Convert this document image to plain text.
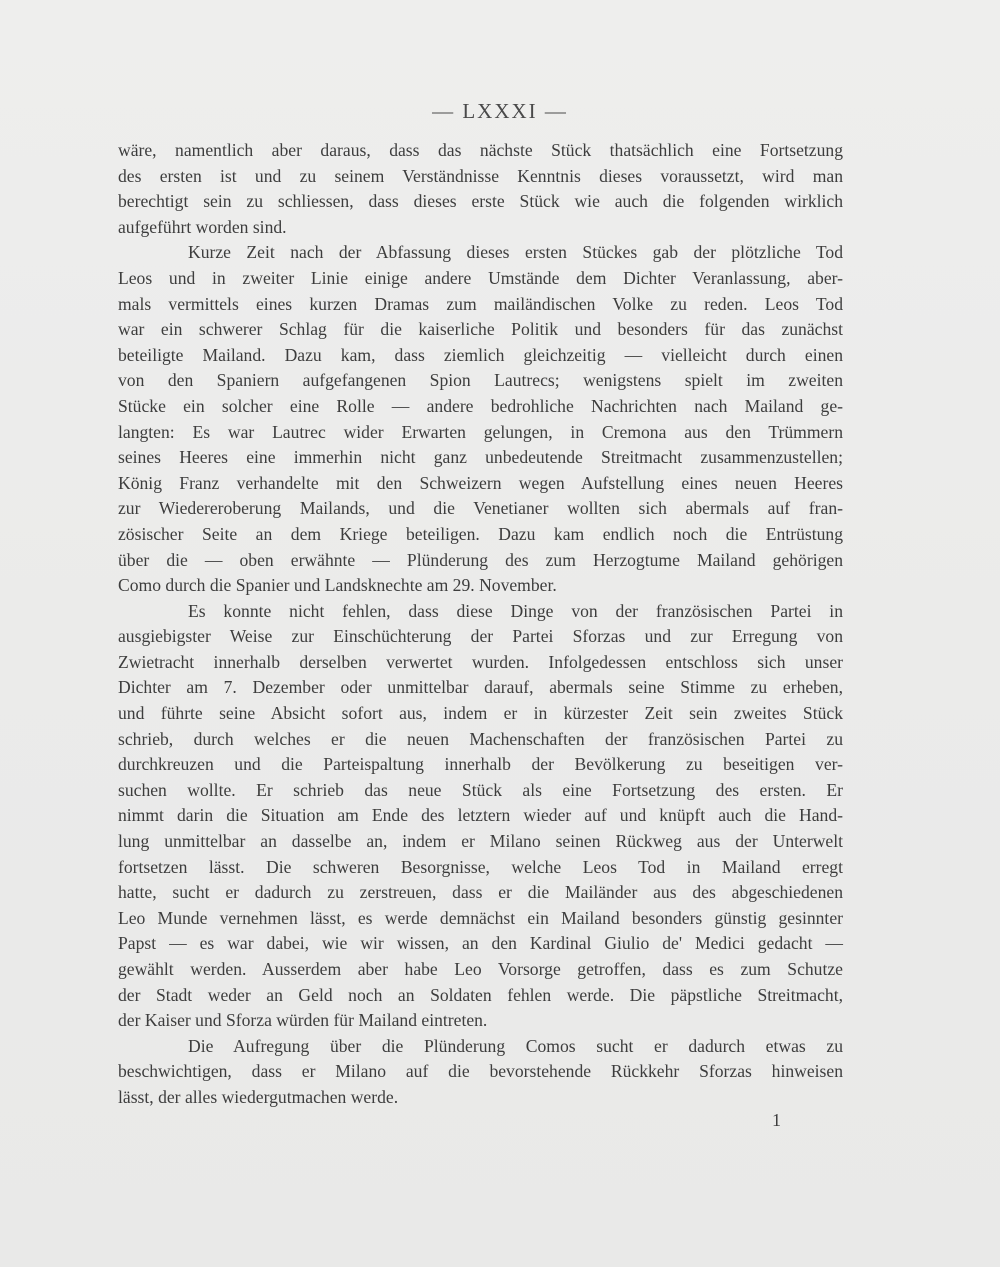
— LXXXI —
wäre, namentlich aber daraus, dass das nächste Stück thatsächlich eine Fortsetzung
des ersten ist und zu seinem Verständnisse Kenntnis dieses voraussetzt, wird man
berechtigt sein zu schliessen, dass dieses erste Stück wie auch die folgenden wirklich
aufgeführt worden sind.
Kurze Zeit nach der Abfassung dieses ersten Stückes gab der plötzliche Tod
Leos und in zweiter Linie einige andere Umstände dem Dichter Veranlassung, aber-
mals vermittels eines kurzen Dramas zum mailändischen Volke zu reden. Leos Tod
war ein schwerer Schlag für die kaiserliche Politik und besonders für das zunächst
beteiligte Mailand. Dazu kam, dass ziemlich gleichzeitig — vielleicht durch einen
von den Spaniern aufgefangenen Spion Lautrecs; wenigstens spielt im zweiten
Stücke ein solcher eine Rolle — andere bedrohliche Nachrichten nach Mailand ge-
langten: Es war Lautrec wider Erwarten gelungen, in Cremona aus den Trümmern
seines Heeres eine immerhin nicht ganz unbedeutende Streitmacht zusammenzustellen;
König Franz verhandelte mit den Schweizern wegen Aufstellung eines neuen Heeres
zur Wiedereroberung Mailands, und die Venetianer wollten sich abermals auf fran-
zösischer Seite an dem Kriege beteiligen. Dazu kam endlich noch die Entrüstung
über die — oben erwähnte — Plünderung des zum Herzogtume Mailand gehörigen
Como durch die Spanier und Landsknechte am 29. November.
Es konnte nicht fehlen, dass diese Dinge von der französischen Partei in
ausgiebigster Weise zur Einschüchterung der Partei Sforzas und zur Erregung von
Zwietracht innerhalb derselben verwertet wurden. Infolgedessen entschloss sich unser
Dichter am 7. Dezember oder unmittelbar darauf, abermals seine Stimme zu erheben,
und führte seine Absicht sofort aus, indem er in kürzester Zeit sein zweites Stück
schrieb, durch welches er die neuen Machenschaften der französischen Partei zu
durchkreuzen und die Parteispaltung innerhalb der Bevölkerung zu beseitigen ver-
suchen wollte. Er schrieb das neue Stück als eine Fortsetzung des ersten. Er
nimmt darin die Situation am Ende des letztern wieder auf und knüpft auch die Hand-
lung unmittelbar an dasselbe an, indem er Milano seinen Rückweg aus der Unterwelt
fortsetzen lässt. Die schweren Besorgnisse, welche Leos Tod in Mailand erregt
hatte, sucht er dadurch zu zerstreuen, dass er die Mailänder aus des abgeschiedenen
Leo Munde vernehmen lässt, es werde demnächst ein Mailand besonders günstig gesinnter
Papst — es war dabei, wie wir wissen, an den Kardinal Giulio de' Medici gedacht —
gewählt werden. Ausserdem aber habe Leo Vorsorge getroffen, dass es zum Schutze
der Stadt weder an Geld noch an Soldaten fehlen werde. Die päpstliche Streitmacht,
der Kaiser und Sforza würden für Mailand eintreten.
Die Aufregung über die Plünderung Comos sucht er dadurch etwas zu
beschwichtigen, dass er Milano auf die bevorstehende Rückkehr Sforzas hinweisen
lässt, der alles wiedergutmachen werde.
1
